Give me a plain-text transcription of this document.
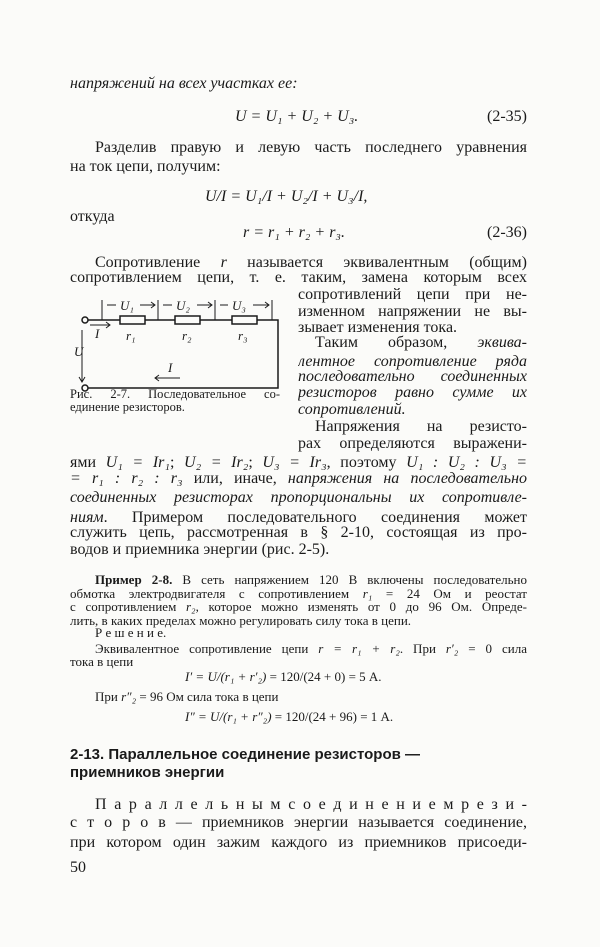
U₁	U₂	U₃
r₁	r₂	r₃
I
I
U
Рис. 2-7. Последовательное со-
единение резисторов.
напряжений на всех участках ее:
U = U₁ + U₂ + U₃.	(2-35)
Разделив правую и левую часть последнего уравнения
на ток цепи, получим:
U/I = U₁/I + U₂/I + U₃/I,
откуда
r = r₁ + r₂ + r₃.	(2-36)
Сопротивление r называется эквивалентным (общим)
сопротивлением цепи, т. е. таким, замена которым всех
сопротивлений цепи при не-
изменном напряжении не вы-
зывает изменения тока.
Таким образом, эквива-
лентное сопротивление ряда
последовательно соединенных
резисторов равно сумме их
сопротивлений.
Напряжения на резисто-
рах определяются выражени-
ями U₁ = Ir₁; U₂ = Ir₂; U₃ = Ir₃, поэтому U₁ : U₂ : U₃ =
= r₁ : r₂ : r₃ или, иначе, напряжения на последовательно
соединенных резисторах пропорциональны их сопротивле-
ниям. Примером последовательного соединения может
служить цепь, рассмотренная в § 2-10, состоящая из про-
водов и приемника энергии (рис. 2-5).
Пример 2-8. В сеть напряжением 120 В включены последовательно
обмотка электродвигателя с сопротивлением r₁ = 24 Ом и реостат
с сопротивлением r₂, которое можно изменять от 0 до 96 Ом. Опреде-
лить, в каких пределах можно регулировать силу тока в цепи.
Р е ш е н и е.
Эквивалентное сопротивление цепи r = r₁ + r₂. При r′₂ = 0 сила
тока в цепи
I′ = U/(r₁ + r′₂) = 120/(24 + 0) = 5 А.
При r″₂ = 96 Ом сила тока в цепи
I″ = U/(r₁ + r″₂) = 120/(24 + 96) = 1 А.
2-13. Параллельное соединение резисторов —
приемников энергии
П а р а л л е л ь н ы м с о е д и н е н и е м р е з и -
с т о р о в — приемников энергии называется соединение,
при котором один зажим каждого из приемников присоеди-
50
